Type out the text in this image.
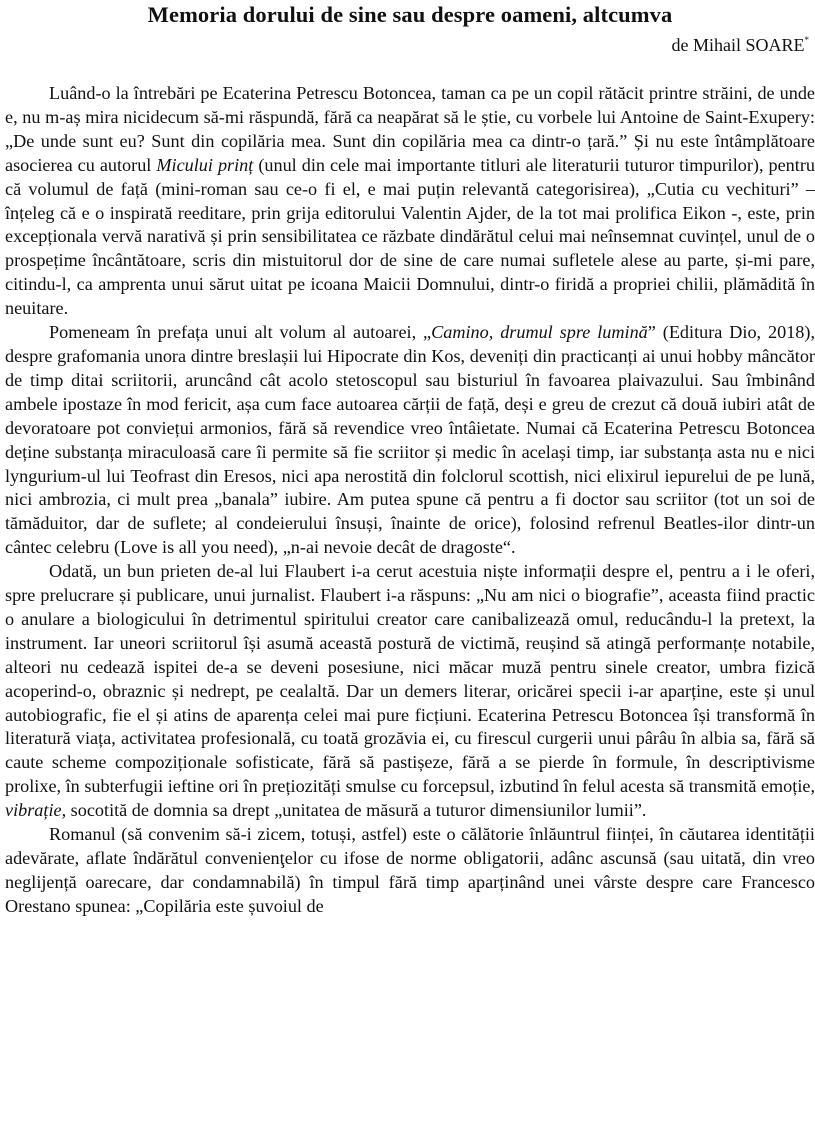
Memoria dorului de sine sau despre oameni, altcumva
de Mihail SOARE*

Luând-o la întrebări pe Ecaterina Petrescu Botoncea, taman ca pe un copil rătăcit printre străini, de unde e, nu m-aș mira nicidecum să-mi răspundă, fără ca neapărat să le știe, cu vorbele lui Antoine de Saint-Exupery: „De unde sunt eu? Sunt din copilăria mea. Sunt din copilăria mea ca dintr-o țară.” Și nu este întâmplătoare asocierea cu autorul Micului prinț (unul din cele mai importante titluri ale literaturii tuturor timpurilor), pentru că volumul de față (mini-roman sau ce-o fi el, e mai puțin relevantă categorisirea), „Cutia cu vechituri” – înțeleg că e o inspirată reeditare, prin grija editorului Valentin Ajder, de la tot mai prolifica Eikon -, este, prin excepționala vervă narativă și prin sensibilitatea ce răzbate dindărătul celui mai neînsemnat cuvințel, unul de o prospețime încântătoare, scris din mistuitorul dor de sine de care numai sufletele alese au parte, și-mi pare, citindu-l, ca amprenta unui sărut uitat pe icoana Maicii Domnului, dintr-o firidă a propriei chilii, plămădită în neuitare.

Pomeneam în prefața unui alt volum al autoarei, „Camino, drumul spre lumină” (Editura Dio, 2018), despre grafomania unora dintre breslașii lui Hipocrate din Kos, deveniți din practicanți ai unui hobby mâncător de timp ditai scriitorii, aruncând cât acolo stetoscopul sau bisturiul în favoarea plaivazului. Sau îmbinând ambele ipostaze în mod fericit, așa cum face autoarea cărții de față, deși e greu de crezut că două iubiri atât de devoratoare pot conviețui armonios, fără să revendice vreo întâietate. Numai că Ecaterina Petrescu Botoncea deține substanța miraculoasă care îi permite să fie scriitor și medic în același timp, iar substanța asta nu e nici lyngurium-ul lui Teofrast din Eresos, nici apa nerostită din folclorul scottish, nici elixirul iepurelui de pe lună, nici ambrozia, ci mult prea „banala” iubire. Am putea spune că pentru a fi doctor sau scriitor (tot un soi de tămăduitor, dar de suflete; al condeierului însuși, înainte de orice), folosind refrenul Beatles-ilor dintr-un cântec celebru (Love is all you need), „n-ai nevoie decât de dragoste“.

Odată, un bun prieten de-al lui Flaubert i-a cerut acestuia niște informații despre el, pentru a i le oferi, spre prelucrare și publicare, unui jurnalist. Flaubert i-a răspuns: „Nu am nici o biografie”, aceasta fiind practic o anulare a biologicului în detrimentul spiritului creator care canibalizează omul, reducându-l la pretext, la instrument. Iar uneori scriitorul își asumă această postură de victimă, reușind să atingă performanțe notabile, alteori nu cedează ispitei de-a se deveni posesiune, nici măcar muză pentru sinele creator, umbra fizică acoperind-o, obraznic și nedrept, pe cealaltă. Dar un demers literar, oricărei specii i-ar aparține, este și unul autobiografic, fie el și atins de aparența celei mai pure ficțiuni. Ecaterina Petrescu Botoncea își transformă în literatură viața, activitatea profesională, cu toată grozăvia ei, cu firescul curgerii unui pârâu în albia sa, fără să caute scheme compoziționale sofisticate, fără să pastișeze, fără a se pierde în formule, în descriptivisme prolixe, în subterfugii ieftine ori în prețiozități smulse cu forcepsul, izbutind în felul acesta să transmită emoție, vibrație, socotită de domnia sa drept „unitatea de măsură a tuturor dimensiunilor lumii”.

Romanul (să convenim să-i zicem, totuși, astfel) este o călătorie înlăuntrul ființei, în căutarea identității adevărate, aflate îndărătul convenienţelor cu ifose de norme obligatorii, adânc ascunsă (sau uitată, din vreo neglijență oarecare, dar condamnabilă) în timpul fără timp aparținând unei vârste despre care Francesco Orestano spunea: „Copilăria este șuvoiul de
